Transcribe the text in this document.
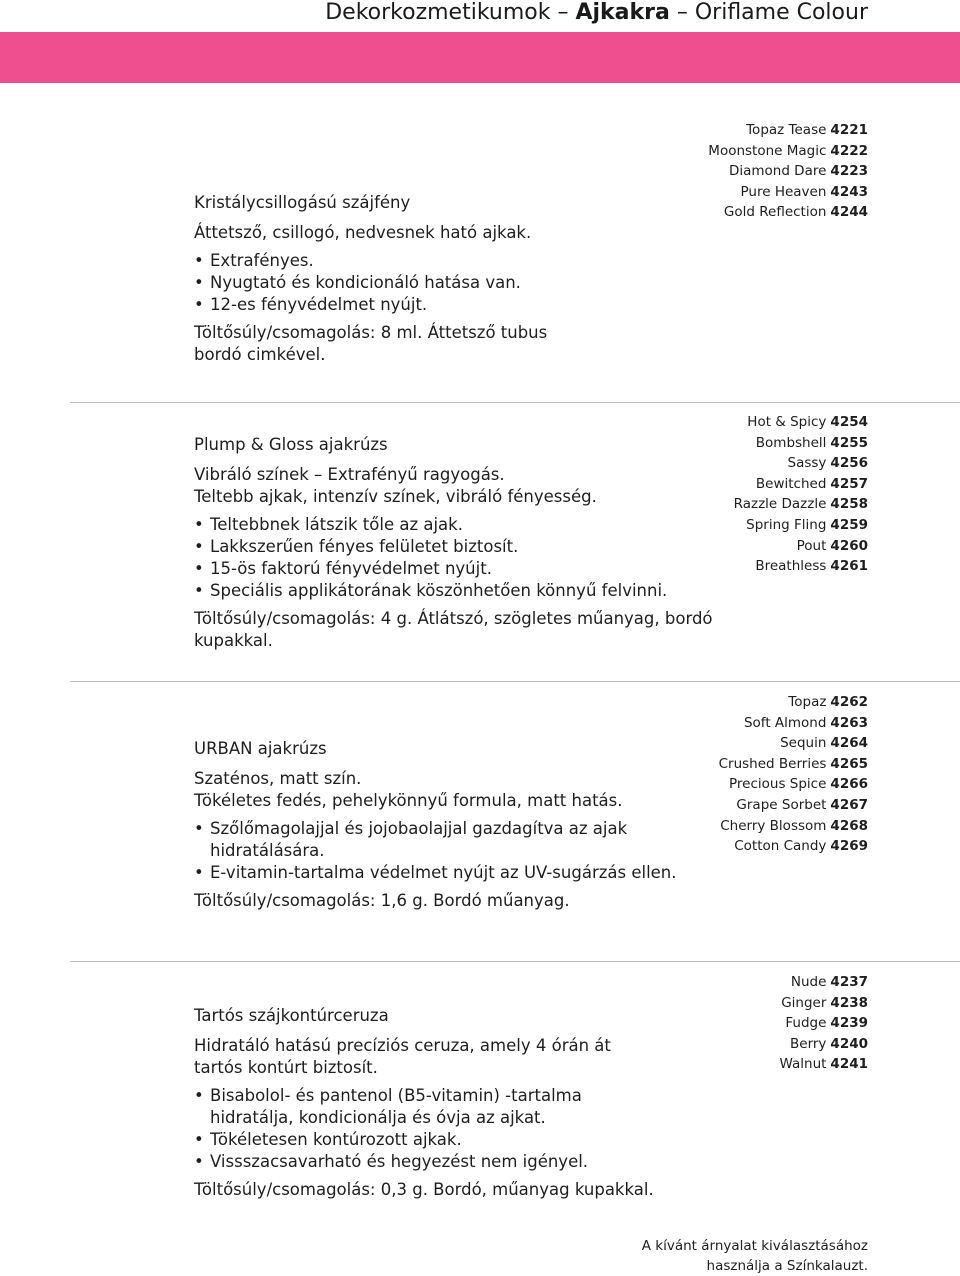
Dekorkozmetikumok – Ajkakra – Oriflame Colour

Kristálycsillogású szájfény

Áttetsző, csillogó, nedvesnek ható ajkak.

• Extrafényes.
• Nyugtató és kondicionáló hatása van.
• 12-es fényvédelmet nyújt.

Töltősúly/csomagolás: 8 ml. Áttetsző tubus bordó cimkével.

Topaz Tease 4221
Moonstone Magic 4222
Diamond Dare 4223
Pure Heaven 4243
Gold Reflection 4244

Plump & Gloss ajakrúzs

Vibráló színek – Extrafényű ragyogás.

Teltebb ajkak, intenzív színek, vibráló fényesség.

• Teltebbnek látszik tőle az ajak.
• Lakkszerűen fényes felületet biztosít.
• 15-ös faktorú fényvédelmet nyújt.
• Speciális applikátorának köszönhetően könnyű felvinni.

Töltősúly/csomagolás: 4 g. Átlátszó, szögletes műanyag, bordó kupakkal.

Hot & Spicy 4254
Bombshell 4255
Sassy 4256
Bewitched 4257
Razzle Dazzle 4258
Spring Fling 4259
Pout 4260
Breathless 4261

URBAN ajakrúzs

Szaténos, matt szín.

Tökéletes fedés, pehelykönnyű formula, matt hatás.

• Szőlőmagolajjal és jojobaolajjal gazdagítva az ajak hidratálására.
• E-vitamin-tartalma védelmet nyújt az UV-sugárzás ellen.

Töltősúly/csomagolás: 1,6 g. Bordó műanyag.

Topaz 4262
Soft Almond 4263
Sequin 4264
Crushed Berries 4265
Precious Spice 4266
Grape Sorbet 4267
Cherry Blossom 4268
Cotton Candy 4269

Tartós szájkontúrceruza

Hidratáló hatású precíziós ceruza, amely 4 órán át tartós kontúrt biztosít.

• Bisabolol- és pantenol (B5-vitamin) -tartalma hidratálja, kondicionálja és óvja az ajkat.
• Tökéletesen kontúrozott ajkak.
• Vissszacsavarható és hegyezést nem igényel.

Töltősúly/csomagolás: 0,3 g. Bordó, műanyag kupakkal.

Nude 4237
Ginger 4238
Fudge 4239
Berry 4240
Walnut 4241
A kívánt árnyalat kiválasztásához
használja a Színkalauzt.
